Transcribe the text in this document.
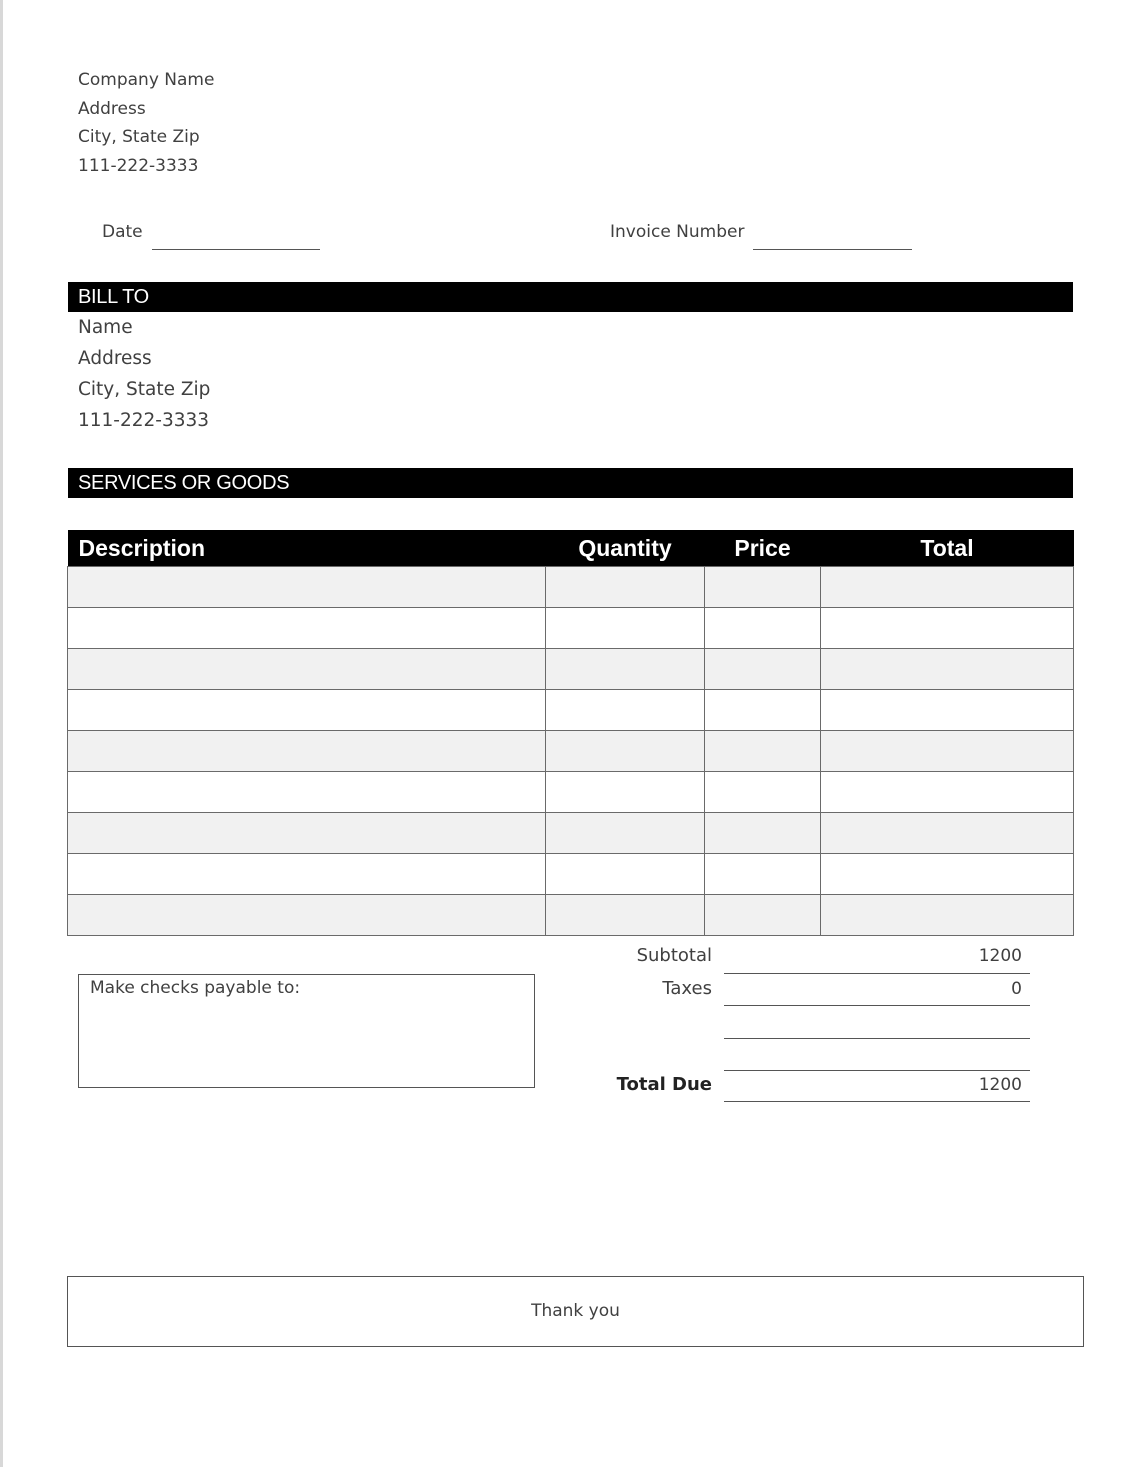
Company Name
Address
City, State Zip
111-222-3333
Date	Invoice Number
BILL TO
Name
Address
City, State Zip
111-222-3333
SERVICES OR GOODS
Description	Quantity	Price	Total

Make checks payable to:
Subtotal	1200
Taxes	0
Total Due	1200
Thank you
